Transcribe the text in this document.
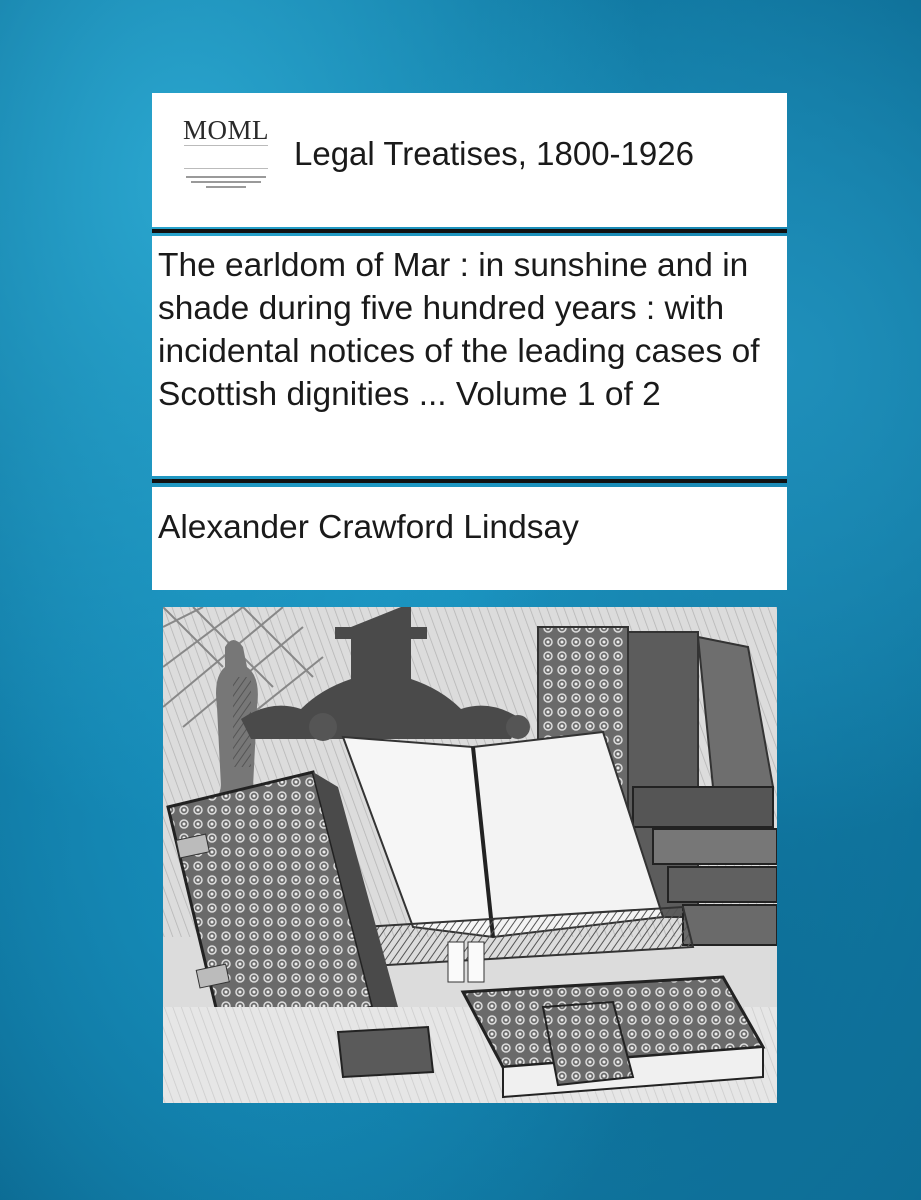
MOML
Legal Treatises, 1800-1926
The earldom of Mar : in sunshine and in shade during five hundred years : with incidental notices of the leading cases of Scottish dignities ... Volume 1 of 2
Alexander Crawford Lindsay
